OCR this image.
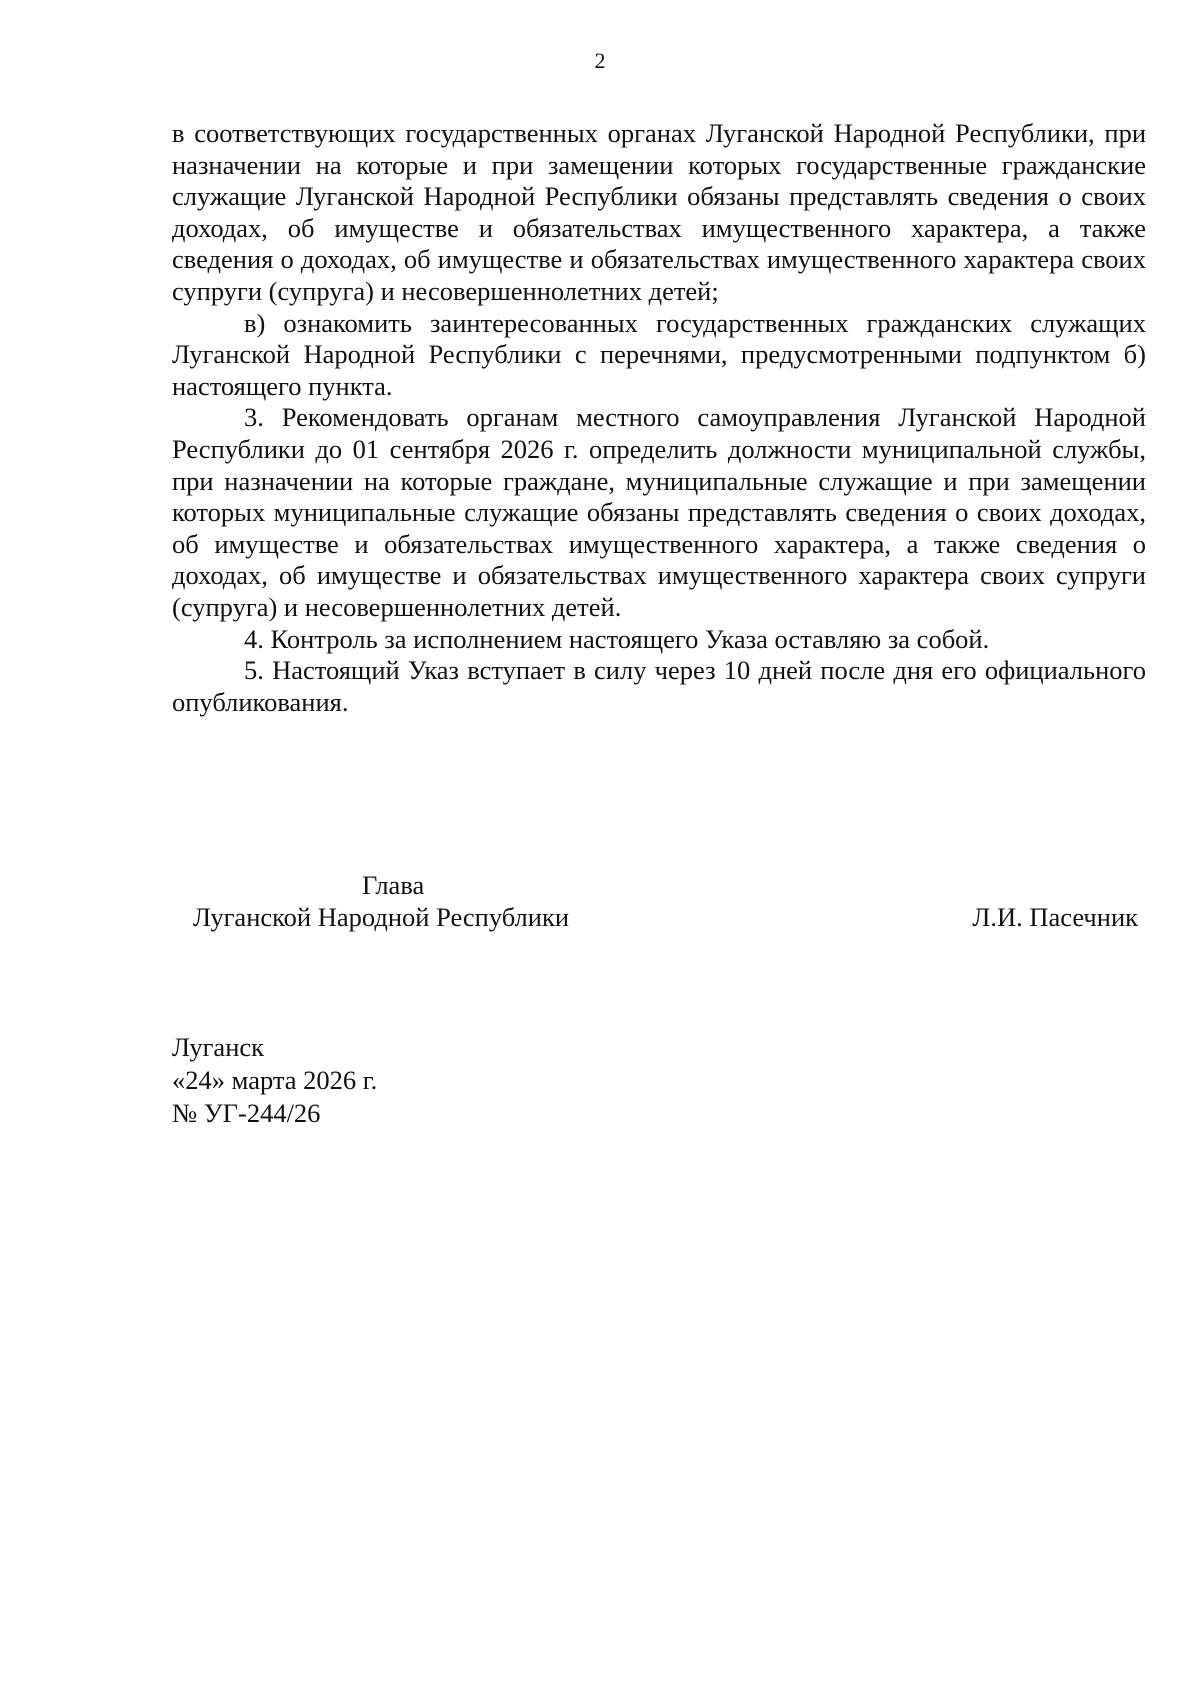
2

в соответствующих государственных органах Луганской Народной Республики, при назначении на которые и при замещении которых государственные гражданские служащие Луганской Народной Республики обязаны представлять сведения о своих доходах, об имуществе и обязательствах имущественного характера, а также сведения о доходах, об имуществе и обязательствах имущественного характера своих супруги (супруга) и несовершеннолетних детей;

в) ознакомить заинтересованных государственных гражданских служащих Луганской Народной Республики с перечнями, предусмотренными подпунктом б) настоящего пункта.

3. Рекомендовать органам местного самоуправления Луганской Народной Республики до 01 сентября 2026 г. определить должности муниципальной службы, при назначении на которые граждане, муниципальные служащие и при замещении которых муниципальные служащие обязаны представлять сведения о своих доходах, об имуществе и обязательствах имущественного характера, а также сведения о доходах, об имуществе и обязательствах имущественного характера своих супруги (супруга) и несовершеннолетних детей.

4. Контроль за исполнением настоящего Указа оставляю за собой.

5. Настоящий Указ вступает в силу через 10 дней после дня его официального опубликования.

Глава
Луганской Народной Республики	Л.И. Пасечник
Луганск
«24» марта 2026 г.
№ УГ-244/26
